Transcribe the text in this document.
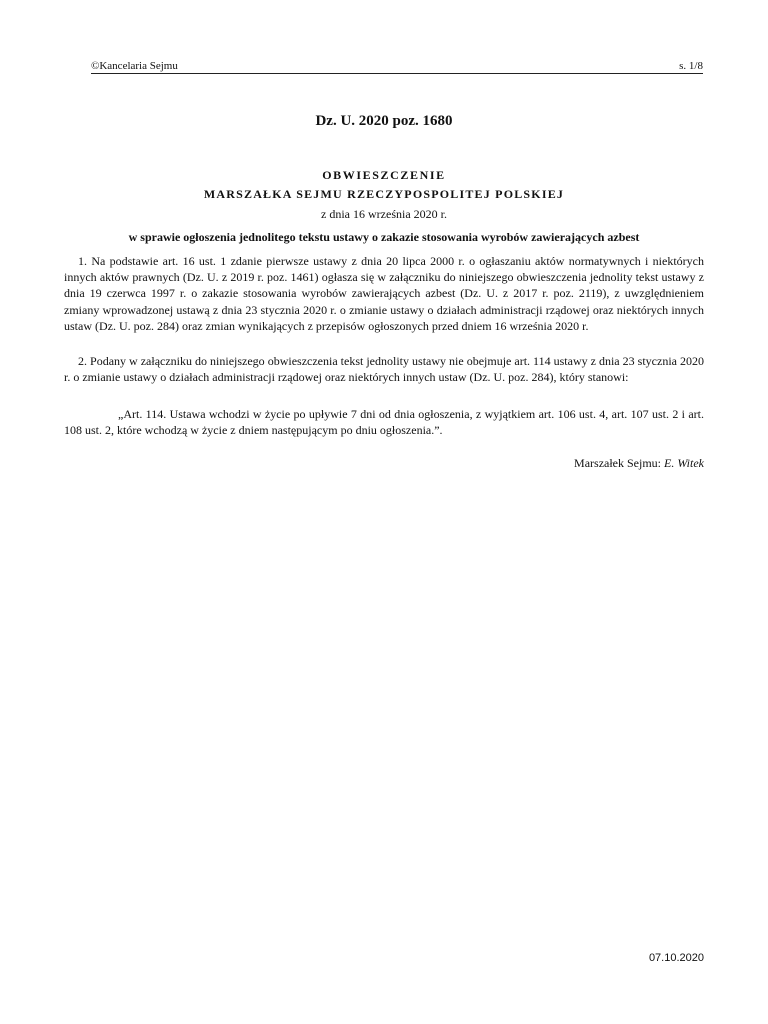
©Kancelaria Sejmu	s. 1/8
Dz. U. 2020 poz. 1680
OBWIESZCZENIE
MARSZAŁKA SEJMU RZECZYPOSPOLITEJ POLSKIEJ
z dnia 16 września 2020 r.
w sprawie ogłoszenia jednolitego tekstu ustawy o zakazie stosowania wyrobów zawierających azbest
1. Na podstawie art. 16 ust. 1 zdanie pierwsze ustawy z dnia 20 lipca 2000 r. o ogłaszaniu aktów normatywnych i niektórych innych aktów prawnych (Dz. U. z 2019 r. poz. 1461) ogłasza się w załączniku do niniejszego obwieszczenia jednolity tekst ustawy z dnia 19 czerwca 1997 r. o zakazie stosowania wyrobów zawierających azbest (Dz. U. z 2017 r. poz. 2119), z uwzględnieniem zmiany wprowadzonej ustawą z dnia 23 stycznia 2020 r. o zmianie ustawy o działach administracji rządowej oraz niektórych innych ustaw (Dz. U. poz. 284) oraz zmian wynikających z przepisów ogłoszonych przed dniem 16 września 2020 r.
2. Podany w załączniku do niniejszego obwieszczenia tekst jednolity ustawy nie obejmuje art. 114 ustawy z dnia 23 stycznia 2020 r. o zmianie ustawy o działach administracji rządowej oraz niektórych innych ustaw (Dz. U. poz. 284), który stanowi:
„Art. 114. Ustawa wchodzi w życie po upływie 7 dni od dnia ogłoszenia, z wyjątkiem art. 106 ust. 4, art. 107 ust. 2 i art. 108 ust. 2, które wchodzą w życie z dniem następującym po dniu ogłoszenia.”.
Marszałek Sejmu: E. Witek
07.10.2020
